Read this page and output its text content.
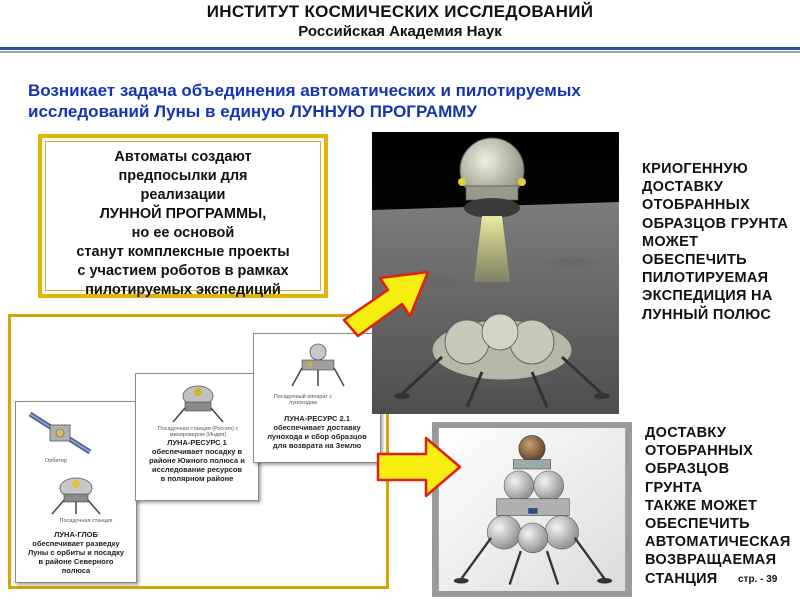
ИНСТИТУТ КОСМИЧЕСКИХ ИССЛЕДОВАНИЙ
Российская Академия Наук
Возникает задача объединения автоматических и пилотируемых
исследований Луны в единую ЛУННУЮ ПРОГРАММУ
Автоматы создают
предпосылки для
реализации
ЛУННОЙ ПРОГРАММЫ,
но ее основой
станут комплексные проекты
с участием роботов в рамках
пилотируемых экспедиций
Орбитер
Посадочная станция
ЛУНА-ГЛОБ
обеспечивает разведку
Луны с орбиты и посадку
в районе Северного
полюса
Посадочная станция (Россия) с минировером (Индия)
ЛУНА-РЕСУРС 1
обеспечивает посадку в
районе Южного полюса и
исследование ресурсов
в полярном районе
Посадочный аппарат с луноходом
ЛУНА-РЕСУРС 2.1
обеспечивает доставку
лунохода и сбор образцов
для возврата на Землю
КРИОГЕННУЮ
ДОСТАВКУ
ОТОБРАННЫХ
ОБРАЗЦОВ ГРУНТА
МОЖЕТ
ОБЕСПЕЧИТЬ
ПИЛОТИРУЕМАЯ
ЭКСПЕДИЦИЯ НА
ЛУННЫЙ ПОЛЮС
ДОСТАВКУ
ОТОБРАННЫХ
ОБРАЗЦОВ
ГРУНТА
ТАКЖЕ МОЖЕТ
ОБЕСПЕЧИТЬ
АВТОМАТИЧЕСКАЯ
ВОЗВРАЩАЕМАЯ
СТАНЦИЯ	стр. - 39
